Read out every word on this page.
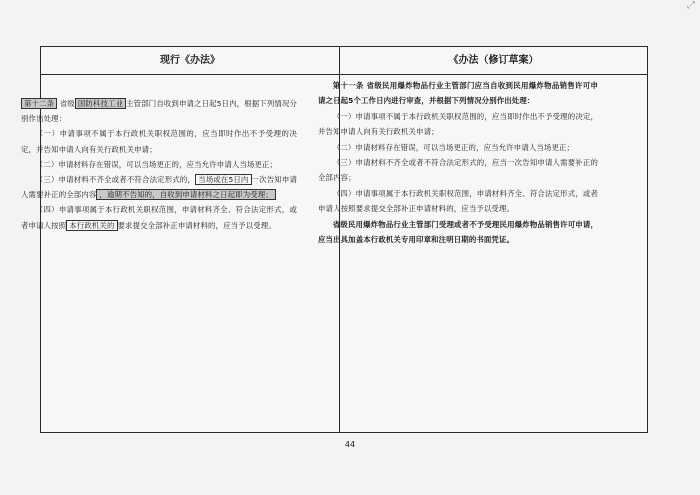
⤢
现行《办法》	《办法（修订草案）

第十二条 省级 国防科技工业 主管部门自收到申请之日起5日内，根据下列情况分别作出处理：

（一）申请事项不属于本行政机关职权范围的，应当即时作出不予受理的决定，并告知申请人向有关行政机关申请；

（二）申请材料存在错误，可以当场更正的，应当允许申请人当场更正；

（三）申请材料不齐全或者不符合法定形式的， 当场或在5日内 一次告知申请人需要补正的全部内容 ，逾期不告知的，自收到申请材料之日起即为受理；

（四）申请事项属于本行政机关职权范围，申请材料齐全、符合法定形式，或者申请人按照 本行政机关的 要求提交全部补正申请材料的，应当予以受理。

第十一条 省级民用爆炸物品行业主管部门应当自收到民用爆炸物品销售许可申请之日起5个工作日内进行审查，并根据下列情况分别作出处理：

（一）申请事项不属于本行政机关职权范围的，应当即时作出不予受理的决定，并告知申请人向有关行政机关申请；

（二）申请材料存在错误，可以当场更正的，应当允许申请人当场更正；

（三）申请材料不齐全或者不符合法定形式的，应当一次告知申请人需要补正的全部内容；

（四）申请事项属于本行政机关职权范围，申请材料齐全、符合法定形式，或者申请人按照要求提交全部补正申请材料的，应当予以受理。

省级民用爆炸物品行业主管部门受理或者不予受理民用爆炸物品销售许可申请，应当出具加盖本行政机关专用印章和注明日期的书面凭证。

44
